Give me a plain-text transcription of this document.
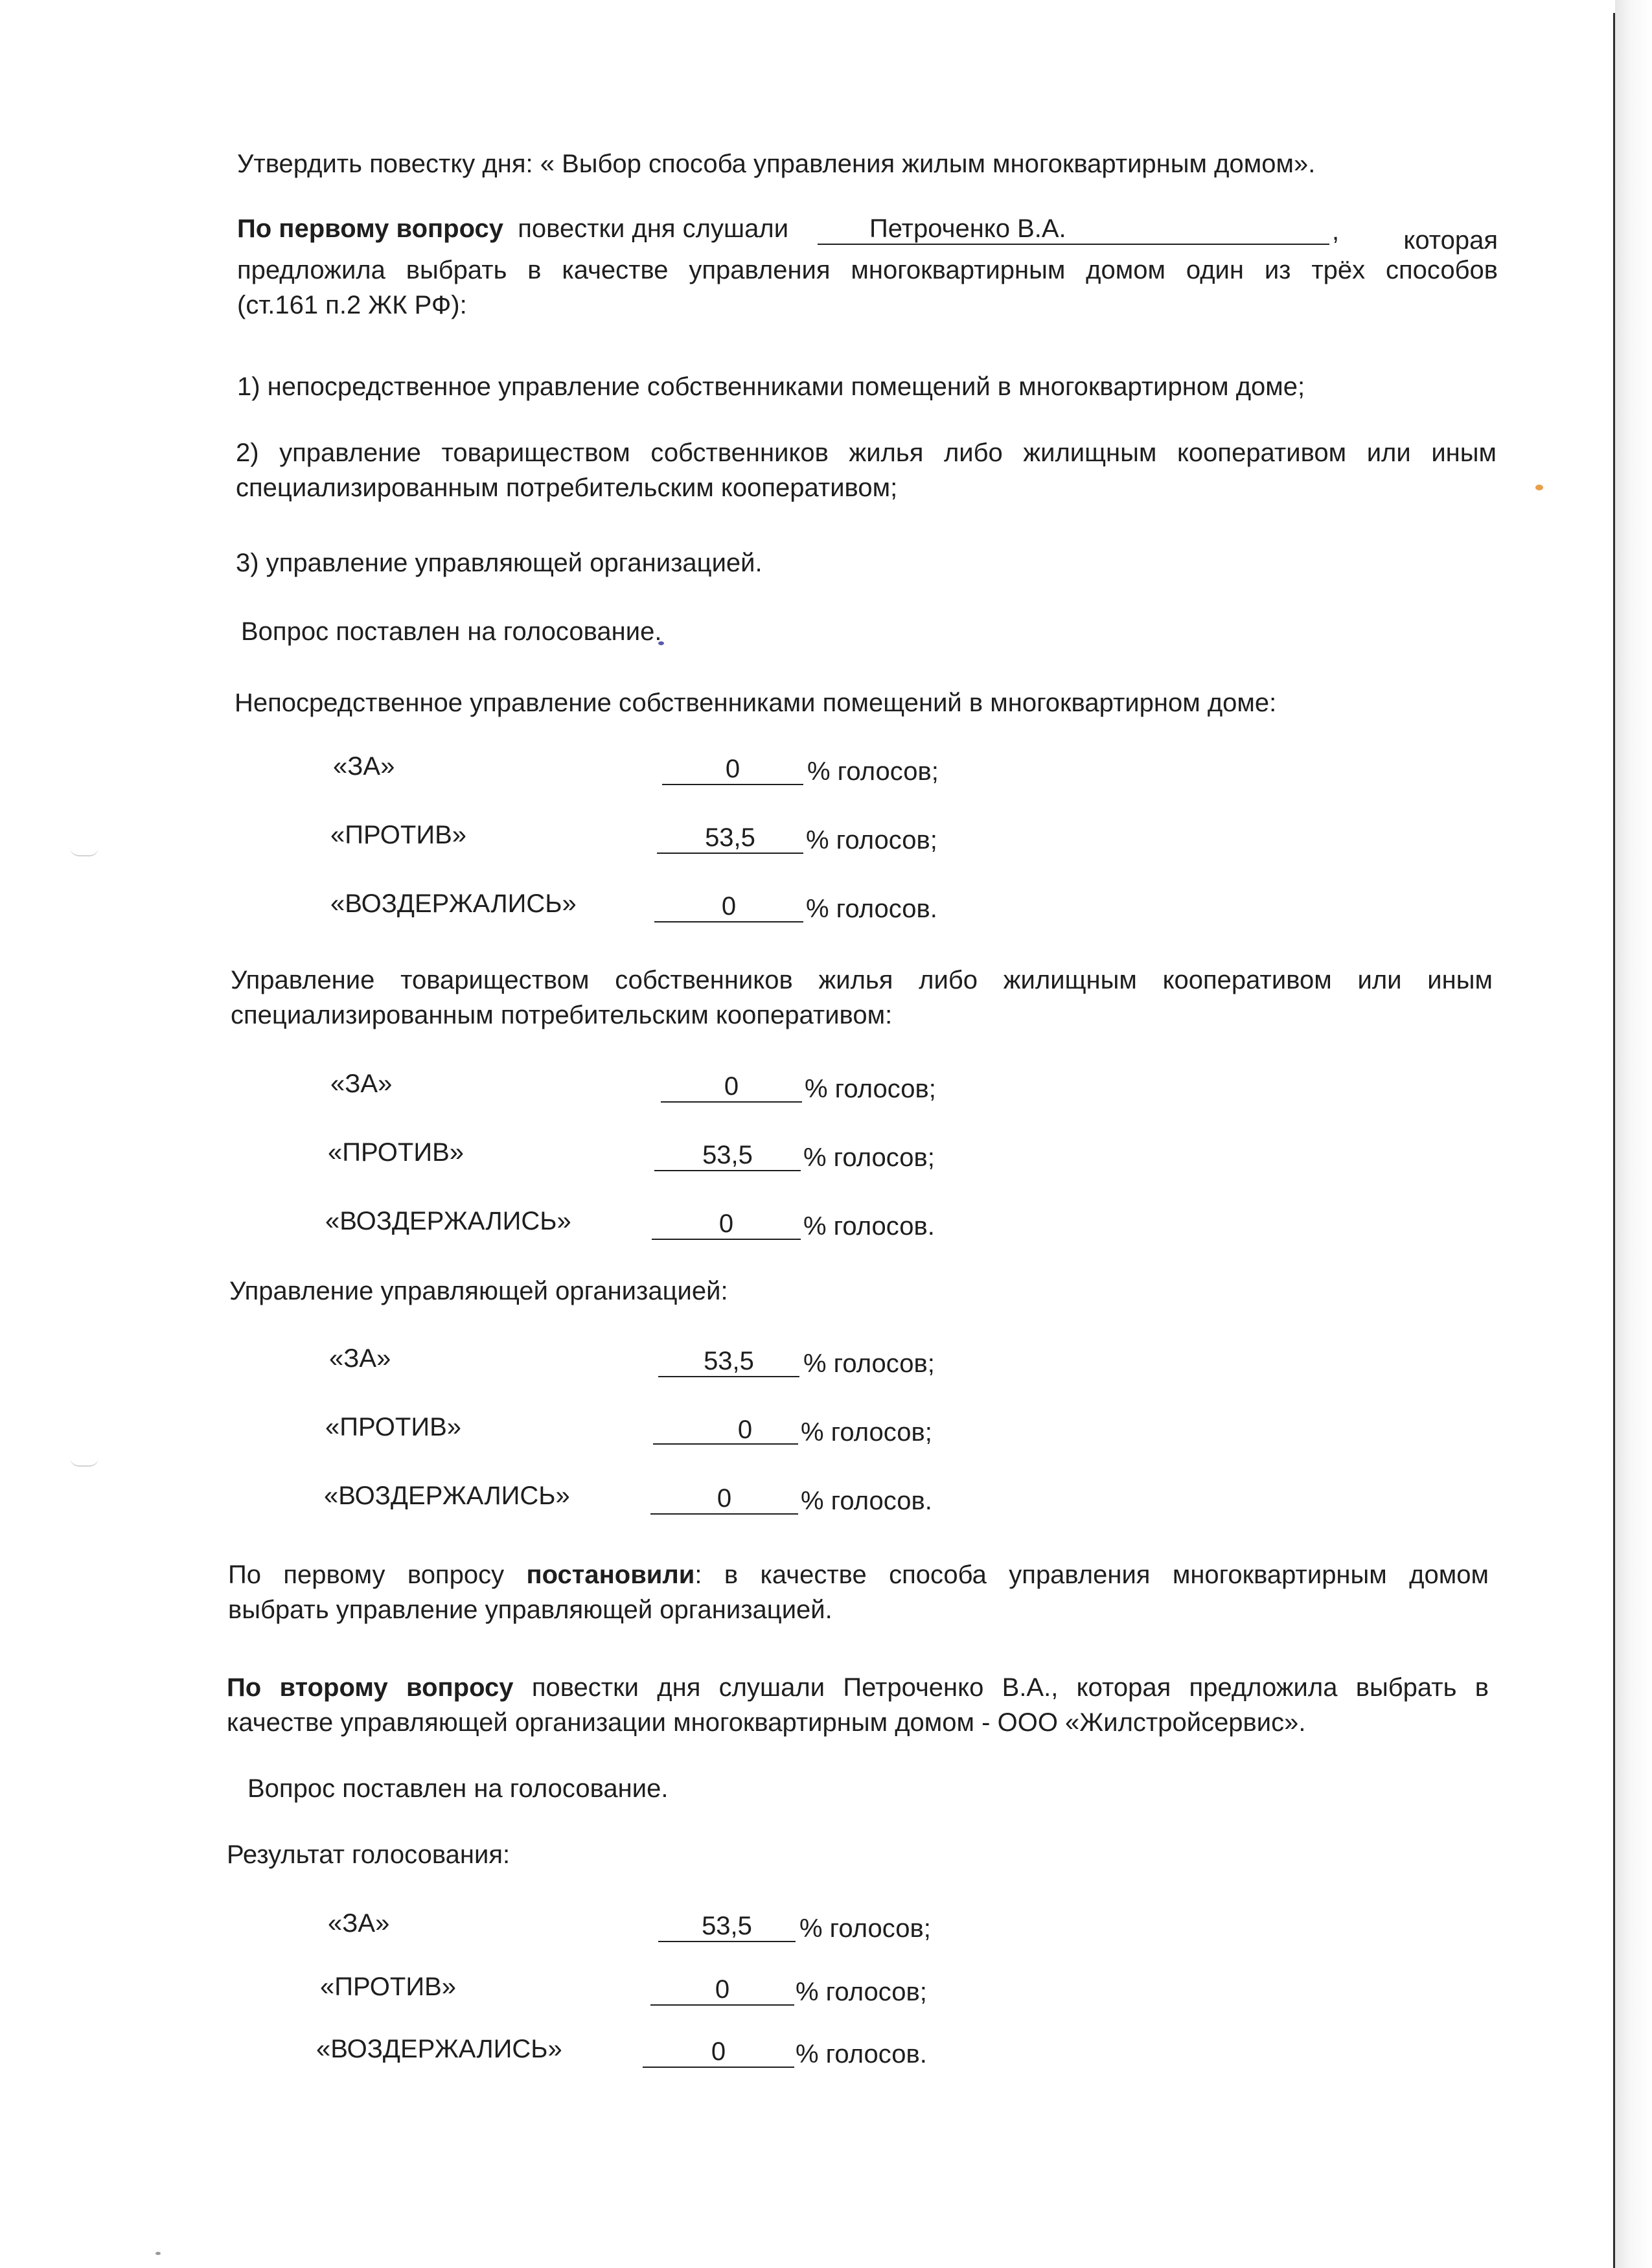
Утвердить повестку дня: « Выбор способа управления жилым многоквартирным домом».

По первому вопросу повестки дня слушали	Петроченко В.А.	, которая
предложила выбрать в качестве управления многоквартирным домом один из трёх способов
(ст.161 п.2 ЖК РФ):

1) непосредственное управление собственниками помещений в многоквартирном доме;

2) управление товариществом собственников жилья либо жилищным кооперативом или иным
специализированным потребительским кооперативом;

3) управление управляющей организацией.

Вопрос поставлен на голосование.

Непосредственное управление собственниками помещений в многоквартирном доме:

«ЗА»	0	% голосов;
«ПРОТИВ»	53,5	% голосов;
«ВОЗДЕРЖАЛИСЬ»	0	% голосов.
Управление товариществом собственников жилья либо жилищным кооперативом или иным
специализированным потребительским кооперативом:
«ЗА»	0	% голосов;
«ПРОТИВ»	53,5	% голосов;
«ВОЗДЕРЖАЛИСЬ»	0	% голосов.

Управление управляющей организацией:

«ЗА»	53,5	% голосов;
«ПРОТИВ»	0	% голосов;
«ВОЗДЕРЖАЛИСЬ»	0	% голосов.
По первому вопросу постановили: в качестве способа управления многоквартирным домом
выбрать управление управляющей организацией.
По второму вопросу повестки дня слушали Петроченко В.А., которая предложила выбрать в
качестве управляющей организации многоквартирным домом - ООО «Жилстройсервис».

Вопрос поставлен на голосование.

Результат голосования:

«ЗА»	53,5	% голосов;
«ПРОТИВ»	0	% голосов;
«ВОЗДЕРЖАЛИСЬ»	0	% голосов.
